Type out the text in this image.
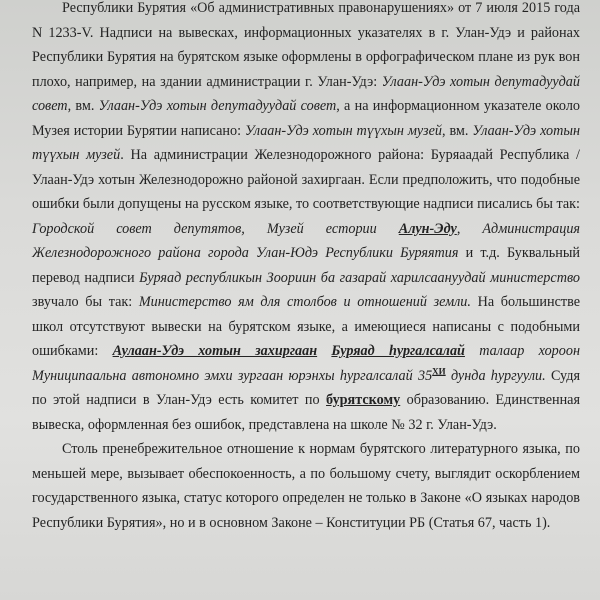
Республики Бурятия «Об административных правонарушениях» от 7 июля 2015 года N 1233-V. Надписи на вывесках, информационных указателях в г. Улан-Удэ и районах Республики Бурятия на бурятском языке оформлены в орфографическом плане из рук вон плохо, например, на здании администрации г. Улан-Удэ: Улаан-Удэ хотын депутадуудай совет, вм. Улаан-Удэ хотын депутадуудай совет, а на информационном указателе около Музея истории Бурятии написано: Улаан-Удэ хотын түүхын музей, вм. Улаан-Удэ хотын түүхын музей. На администрации Железнодорожного района: Буряаадай Республика / Улаан-Удэ хотын Железнодорожно районой захиргаан. Если предположить, что подобные ошибки были допущены на русском языке, то соответствующие надписи писались бы так: Городской совет депутятов, Музей естории Алун-Эду, Администрация Железнодорожного района города Улан-Юдэ Республики Буряятия и т.д. Буквальный перевод надписи Буряад республикын Зоориин ба газарай харилсаануудай министерство звучало бы так: Министерство ям для столбов и отношений земли. На большинстве школ отсутствуют вывески на бурятском языке, а имеющиеся написаны с подобными ошибками: Аулаан-Удэ хотын захиргаан Буряад һургалсалай талаар хороон Муниципаальна автономно эмхи зургаан юрэнхы һургалсалай $35^{ХИ}$ дунда һургуули. Судя по этой надписи в Улан-Удэ есть комитет по бурятскому образованию. Единственная вывеска, оформленная без ошибок, представлена на школе № 32 г. Улан-Удэ.

Столь пренебрежительное отношение к нормам бурятского литературного языка, по меньшей мере, вызывает обеспокоенность, а по большому счету, выглядит оскорблением государственного языка, статус которого определен не только в Законе «О языках народов Республики Бурятия», но и в основном Законе – Конституции РБ (Статья 67, часть 1).
